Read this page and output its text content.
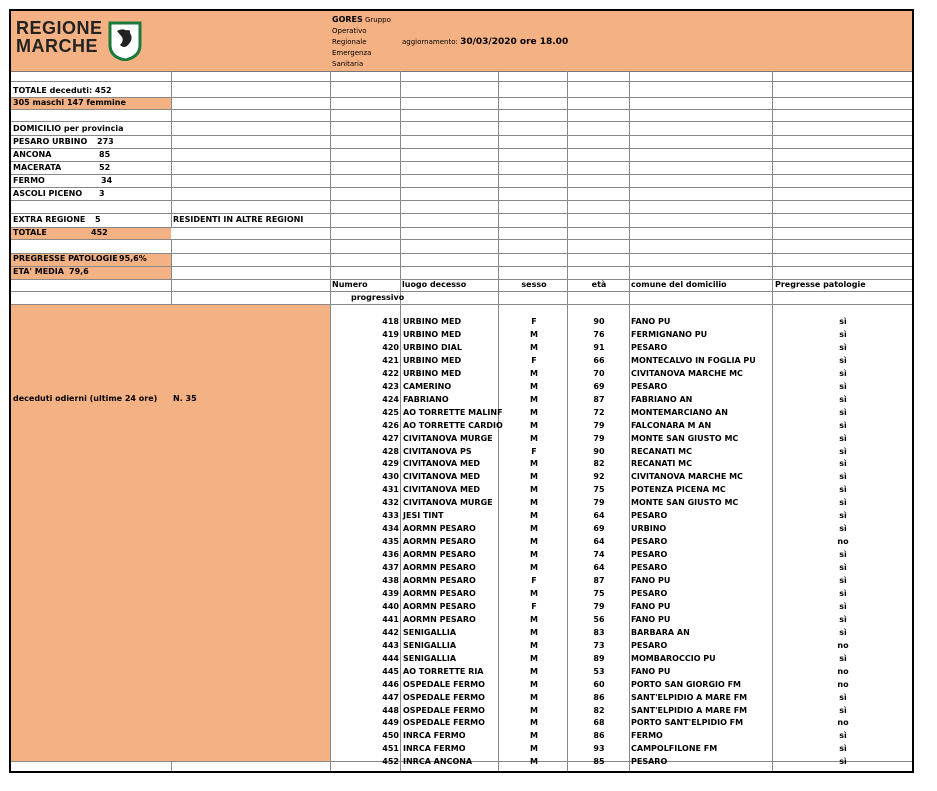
REGIONE
MARCHE
GORES Gruppo
Operativo
Regionale
Emergenza
Sanitaria
aggiornamento: 30/03/2020 ore 18.00
TOTALE deceduti: 452
305 maschi 147 femmine
DOMICILIO per provincia
PESARO URBINO 273
ANCONA	85
MACERATA	52
FERMO	34
ASCOLI PICENO 3
EXTRA REGIONE 5	RESIDENTI IN ALTRE REGIONI
TOTALE	452
PREGRESSE PATOLOGIE 95,6%
ETA' MEDIA 79,6
deceduti odierni (ultime 24 ore) N. 35
Numero
progressivo
luogo decesso	sesso	età	comune del domicilio	Pregresse patologie
418 URBINO MED	F	90	FANO PU	sì
419 URBINO MED	M	76	FERMIGNANO PU	sì
420 URBINO DIAL	M	91	PESARO	sì
421 URBINO MED	F	66	MONTECALVO IN FOGLIA PU	sì
422 URBINO MED	M	70	CIVITANOVA MARCHE MC	sì
423 CAMERINO	M	69	PESARO	sì
424 FABRIANO	M	87	FABRIANO AN	sì
425 AO TORRETTE MALINF	M	72	MONTEMARCIANO AN	sì
426 AO TORRETTE CARDIO	M	79	FALCONARA M AN	sì
427 CIVITANOVA MURGE	M	79	MONTE SAN GIUSTO MC	sì
428 CIVITANOVA PS	F	90	RECANATI MC	sì
429 CIVITANOVA MED	M	82	RECANATI MC	sì
430 CIVITANOVA MED	M	92	CIVITANOVA MARCHE MC	sì
431 CIVITANOVA MED	M	75	POTENZA PICENA MC	sì
432 CIVITANOVA MURGE	M	79	MONTE SAN GIUSTO MC	sì
433 JESI TINT	M	64	PESARO	sì
434 AORMN PESARO	M	69	URBINO	sì
435 AORMN PESARO	M	64	PESARO	no
436 AORMN PESARO	M	74	PESARO	sì
437 AORMN PESARO	M	64	PESARO	sì
438 AORMN PESARO	F	87	FANO PU	sì
439 AORMN PESARO	M	75	PESARO	sì
440 AORMN PESARO	F	79	FANO PU	sì
441 AORMN PESARO	M	56	FANO PU	sì
442 SENIGALLIA	M	83	BARBARA AN	sì
443 SENIGALLIA	M	73	PESARO	no
444 SENIGALLIA	M	89	MOMBAROCCIO PU	sì
445 AO TORRETTE RIA	M	53	FANO PU	no
446 OSPEDALE FERMO	M	60	PORTO SAN GIORGIO FM	no
447 OSPEDALE FERMO	M	86	SANT'ELPIDIO A MARE FM	sì
448 OSPEDALE FERMO	M	82	SANT'ELPIDIO A MARE FM	sì
449 OSPEDALE FERMO	M	68	PORTO SANT'ELPIDIO FM	no
450 INRCA FERMO	M	86	FERMO	sì
451 INRCA FERMO	M	93	CAMPOLFILONE FM	sì
452 INRCA ANCONA	M	85	PESARO	sì
